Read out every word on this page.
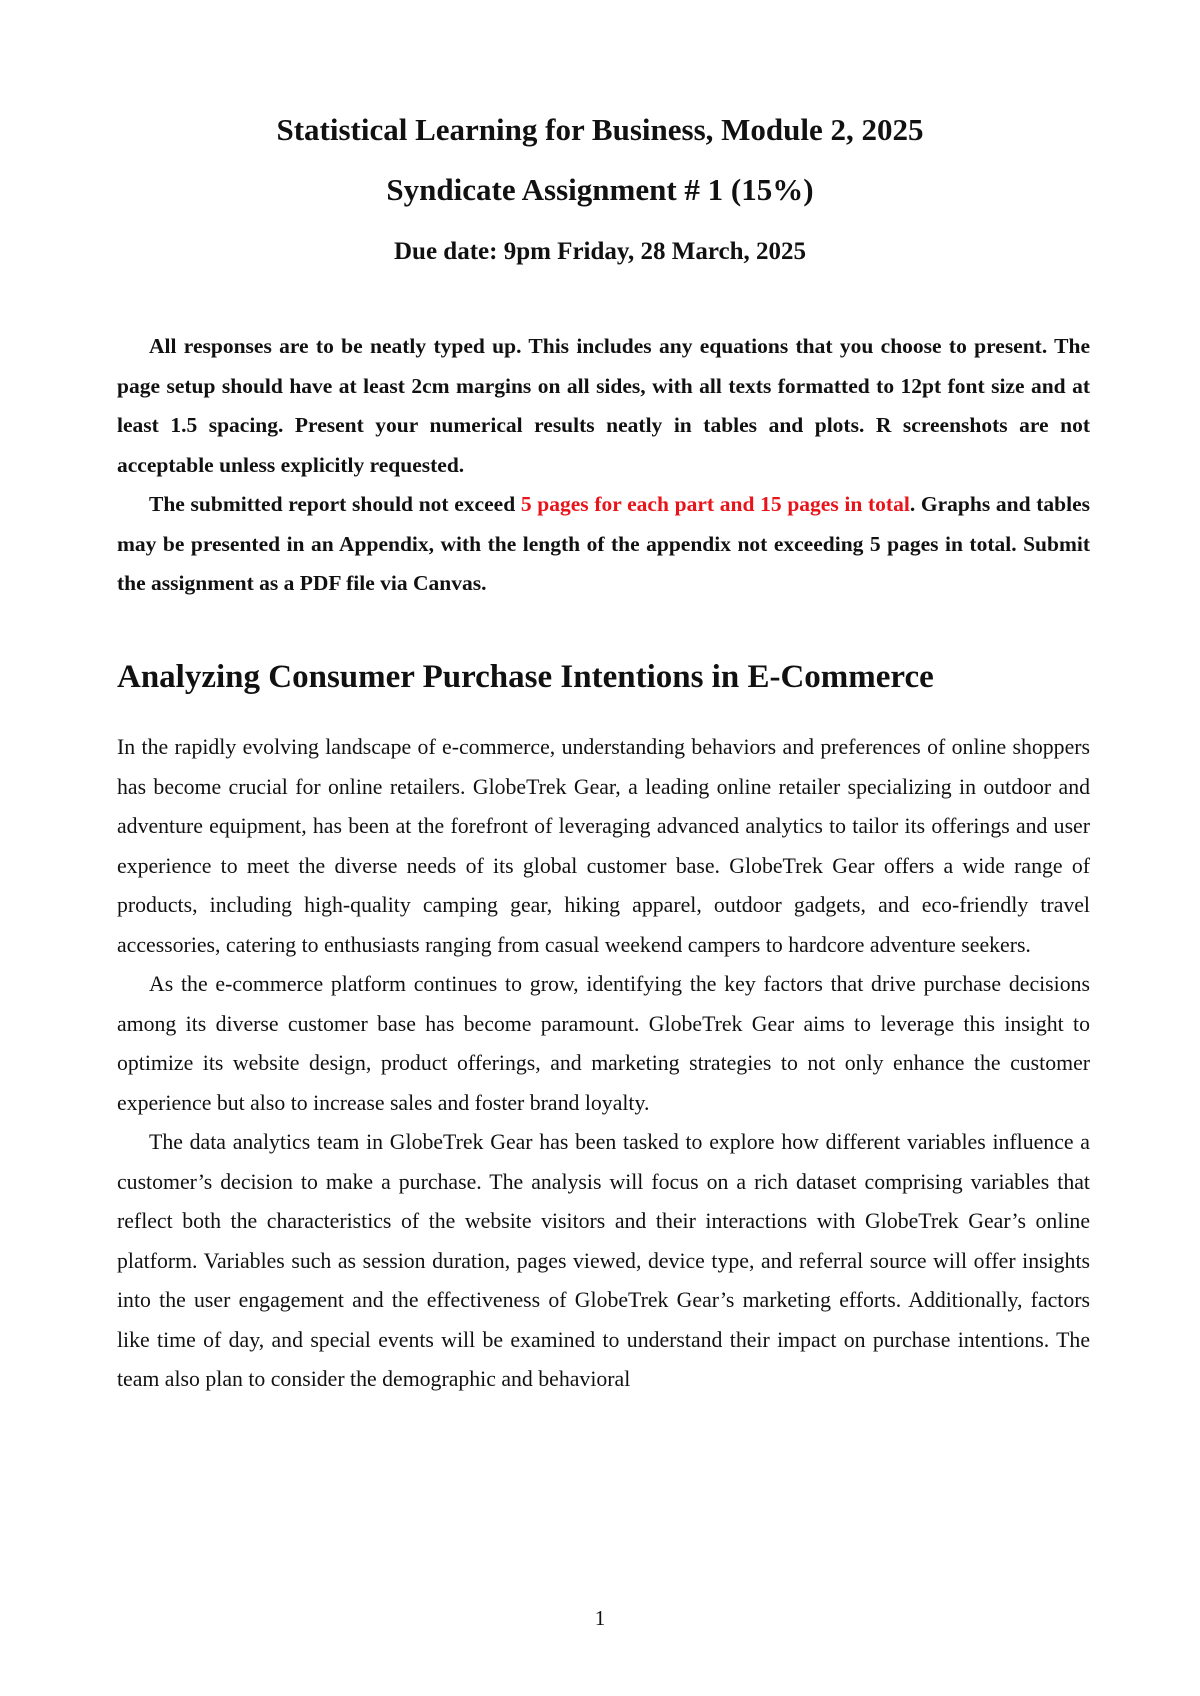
Statistical Learning for Business, Module 2, 2025
Syndicate Assignment # 1 (15%)
Due date: 9pm Friday, 28 March, 2025

All responses are to be neatly typed up. This includes any equations that you choose to present. The page setup should have at least 2cm margins on all sides, with all texts formatted to 12pt font size and at least 1.5 spacing. Present your numerical results neatly in tables and plots. R screenshots are not acceptable unless explicitly requested.

The submitted report should not exceed 5 pages for each part and 15 pages in total. Graphs and tables may be presented in an Appendix, with the length of the appendix not exceeding 5 pages in total. Submit the assignment as a PDF file via Canvas.

Analyzing Consumer Purchase Intentions in E-Commerce

In the rapidly evolving landscape of e-commerce, understanding behaviors and preferences of online shoppers has become crucial for online retailers. GlobeTrek Gear, a leading online retailer specializing in outdoor and adventure equipment, has been at the forefront of leveraging advanced analytics to tailor its offerings and user experience to meet the diverse needs of its global customer base. GlobeTrek Gear offers a wide range of products, including high-quality camping gear, hiking apparel, outdoor gadgets, and eco-friendly travel accessories, catering to enthusiasts ranging from casual weekend campers to hardcore adventure seekers.

As the e-commerce platform continues to grow, identifying the key factors that drive purchase decisions among its diverse customer base has become paramount. GlobeTrek Gear aims to leverage this insight to optimize its website design, product offerings, and marketing strategies to not only enhance the customer experience but also to increase sales and foster brand loyalty.

The data analytics team in GlobeTrek Gear has been tasked to explore how different variables influence a customer’s decision to make a purchase. The analysis will focus on a rich dataset comprising variables that reflect both the characteristics of the website visitors and their interactions with GlobeTrek Gear’s online platform. Variables such as session duration, pages viewed, device type, and referral source will offer insights into the user engagement and the effectiveness of GlobeTrek Gear’s marketing efforts. Additionally, factors like time of day, and special events will be examined to understand their impact on purchase intentions. The team also plan to consider the demographic and behavioral

1
